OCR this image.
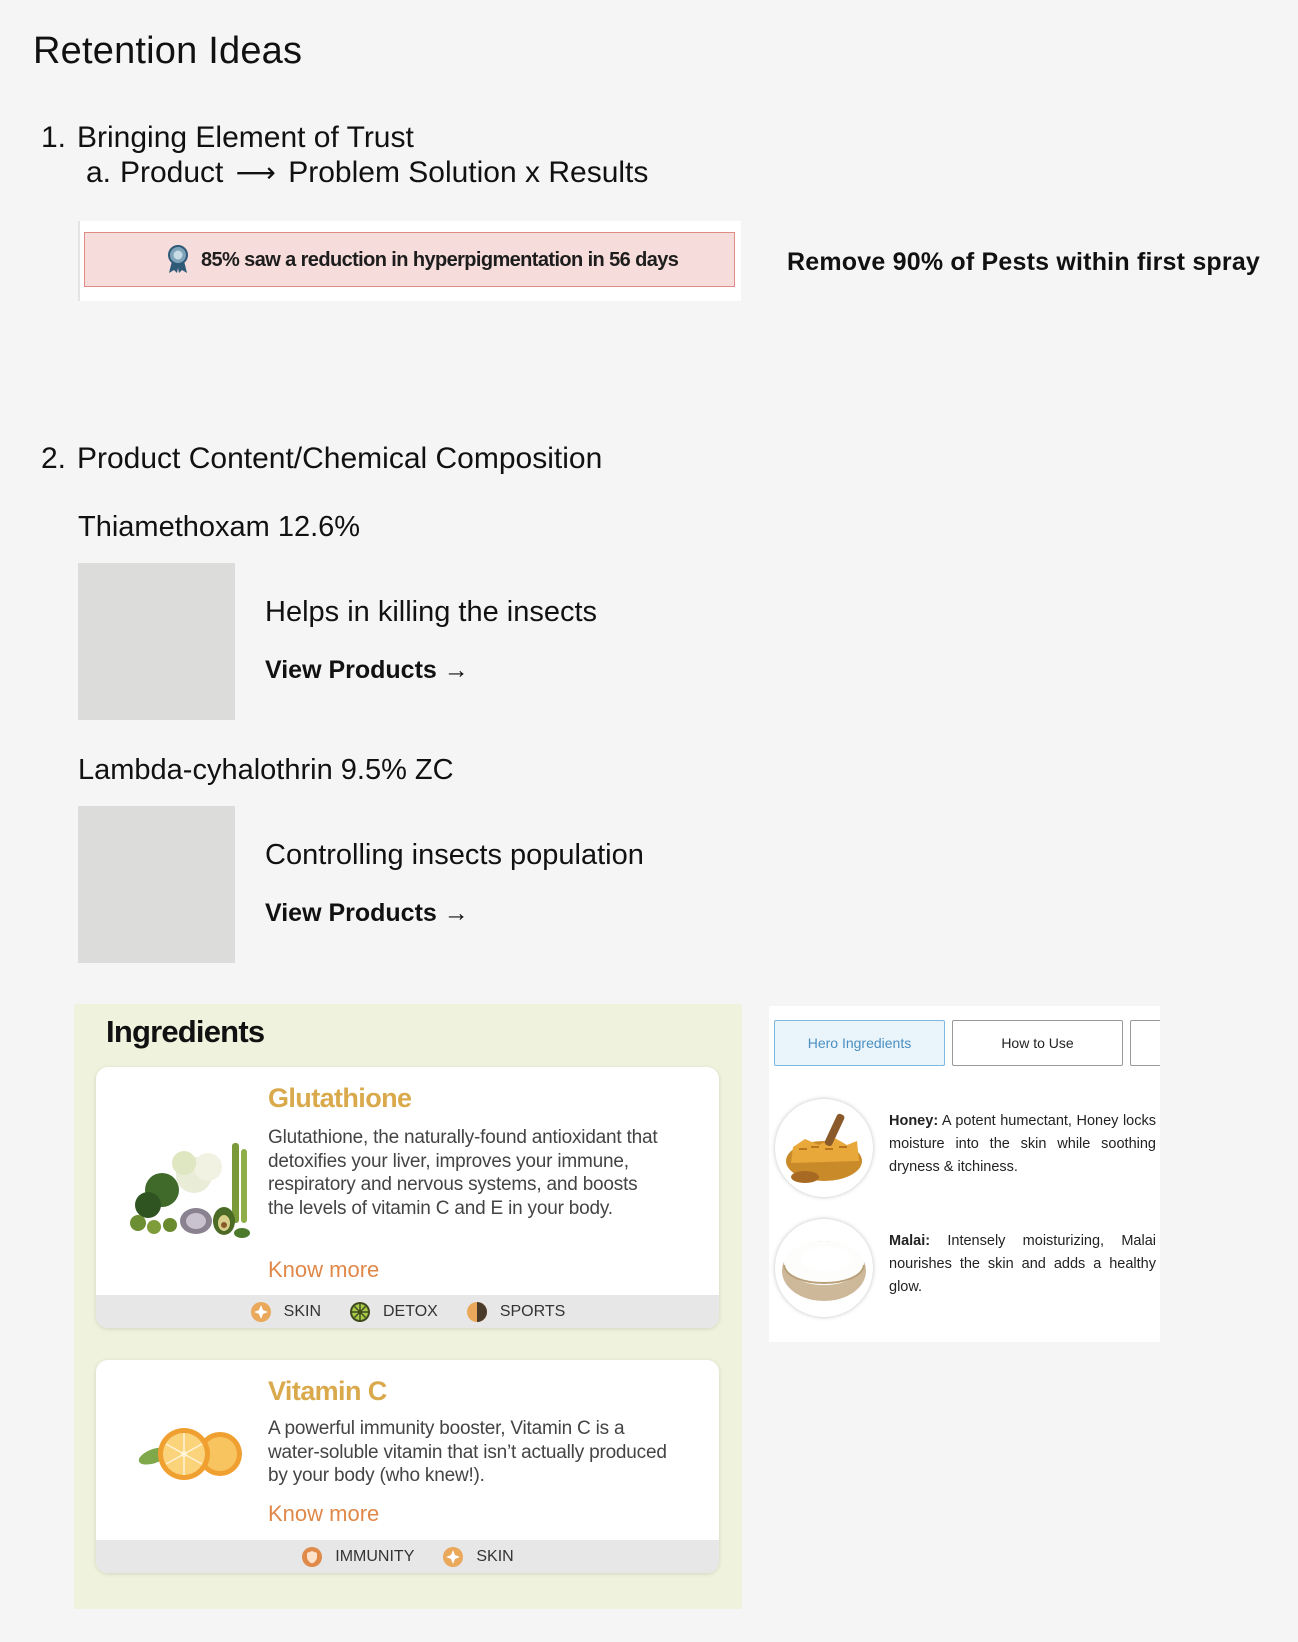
Retention Ideas
1. Bringing Element of Trust
a. Product ⟶ Problem Solution x Results
85% saw a reduction in hyperpigmentation in 56 days	Remove 90% of Pests within first spray
2. Product Content/Chemical Composition
Thiamethoxam 12.6%
Helps in killing the insects
View Products →
Lambda-cyhalothrin 9.5% ZC
Controlling insects population
View Products →
Ingredients
Glutathione
Glutathione, the naturally-found antioxidant that detoxifies your liver, improves your immune, respiratory and nervous systems, and boosts the levels of vitamin C and E in your body.
Know more
SKIN	DETOX	SPORTS
Vitamin C
A powerful immunity booster, Vitamin C is a water-soluble vitamin that isn’t actually produced by your body (who knew!).
Know more
IMMUNITY	SKIN
Hero Ingredients	How to Use
Honey: A potent humectant, Honey locks moisture into the skin while soothing dryness & itchiness.
Malai: Intensely moisturizing, Malai nourishes the skin and adds a healthy glow.
